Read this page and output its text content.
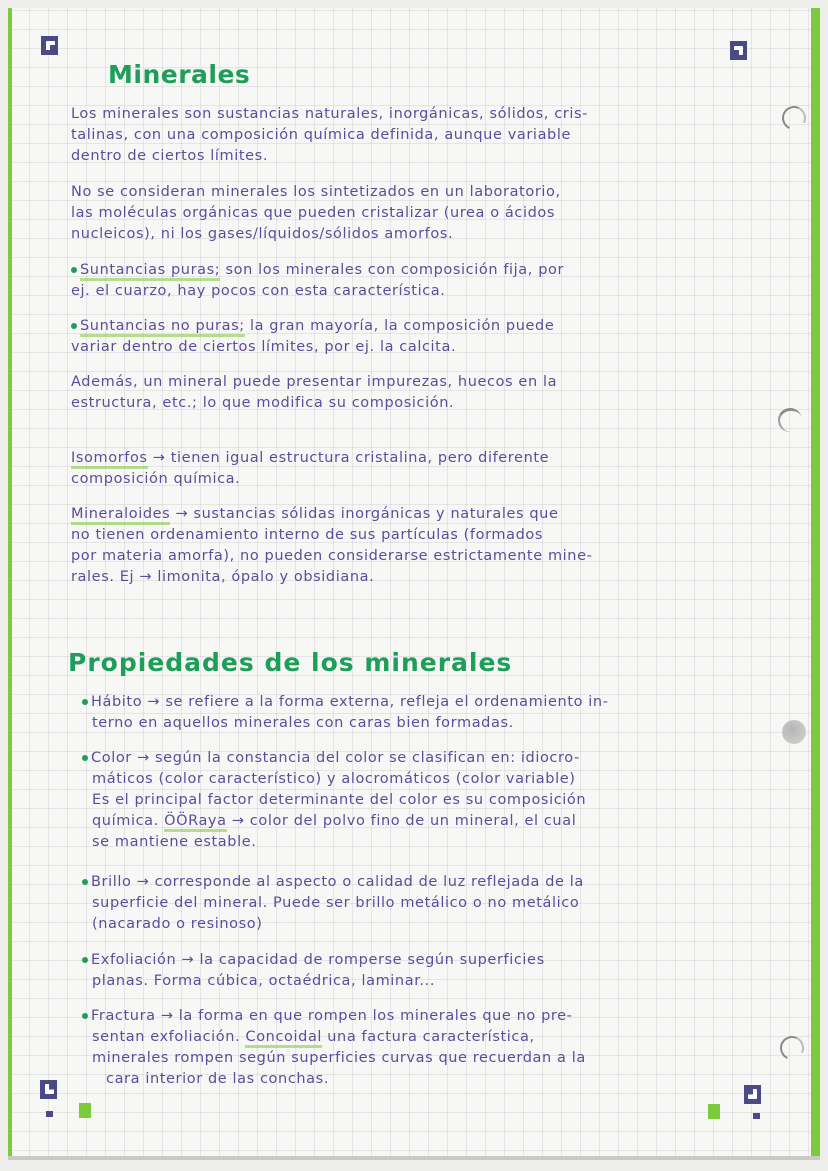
Minerales

Los minerales son sustancias naturales, inorgánicas, sólidos, cris-

talinas, con una composición química definida, aunque variable

dentro de ciertos límites.

No se consideran minerales los sintetizados en un laboratorio,

las moléculas orgánicas que pueden cristalizar (urea o ácidos

nucleicos), ni los gases/líquidos/sólidos amorfos.

Suntancias puras; son los minerales con composición fija, por

ej. el cuarzo, hay pocos con esta característica.

Suntancias no puras; la gran mayoría, la composición puede

variar dentro de ciertos límites, por ej. la calcita.

Además, un mineral puede presentar impurezas, huecos en la

estructura, etc.; lo que modifica su composición.

Isomorfos → tienen igual estructura cristalina, pero diferente

composición química.

Mineraloides → sustancias sólidas inorgánicas y naturales que

no tienen ordenamiento interno de sus partículas (formados

por materia amorfa), no pueden considerarse estrictamente mine-

rales. Ej → limonita, ópalo y obsidiana.

Propiedades de los minerales

Hábito → se refiere a la forma externa, refleja el ordenamiento in-

terno en aquellos minerales con caras bien formadas.

Color → según la constancia del color se clasifican en: idiocro-

máticos (color característico) y alocromáticos (color variable)

Es el principal factor determinante del color es su composición

química. ÖÖRaya → color del polvo fino de un mineral, el cual

se mantiene estable.

Brillo → corresponde al aspecto o calidad de luz reflejada de la

superficie del mineral. Puede ser brillo metálico o no metálico

(nacarado o resinoso)

Exfoliación → la capacidad de romperse según superficies

planas. Forma cúbica, octaédrica, laminar...

Fractura → la forma en que rompen los minerales que no pre-

sentan exfoliación. Concoidal una factura característica,

minerales rompen según superficies curvas que recuerdan a la

cara interior de las conchas.
